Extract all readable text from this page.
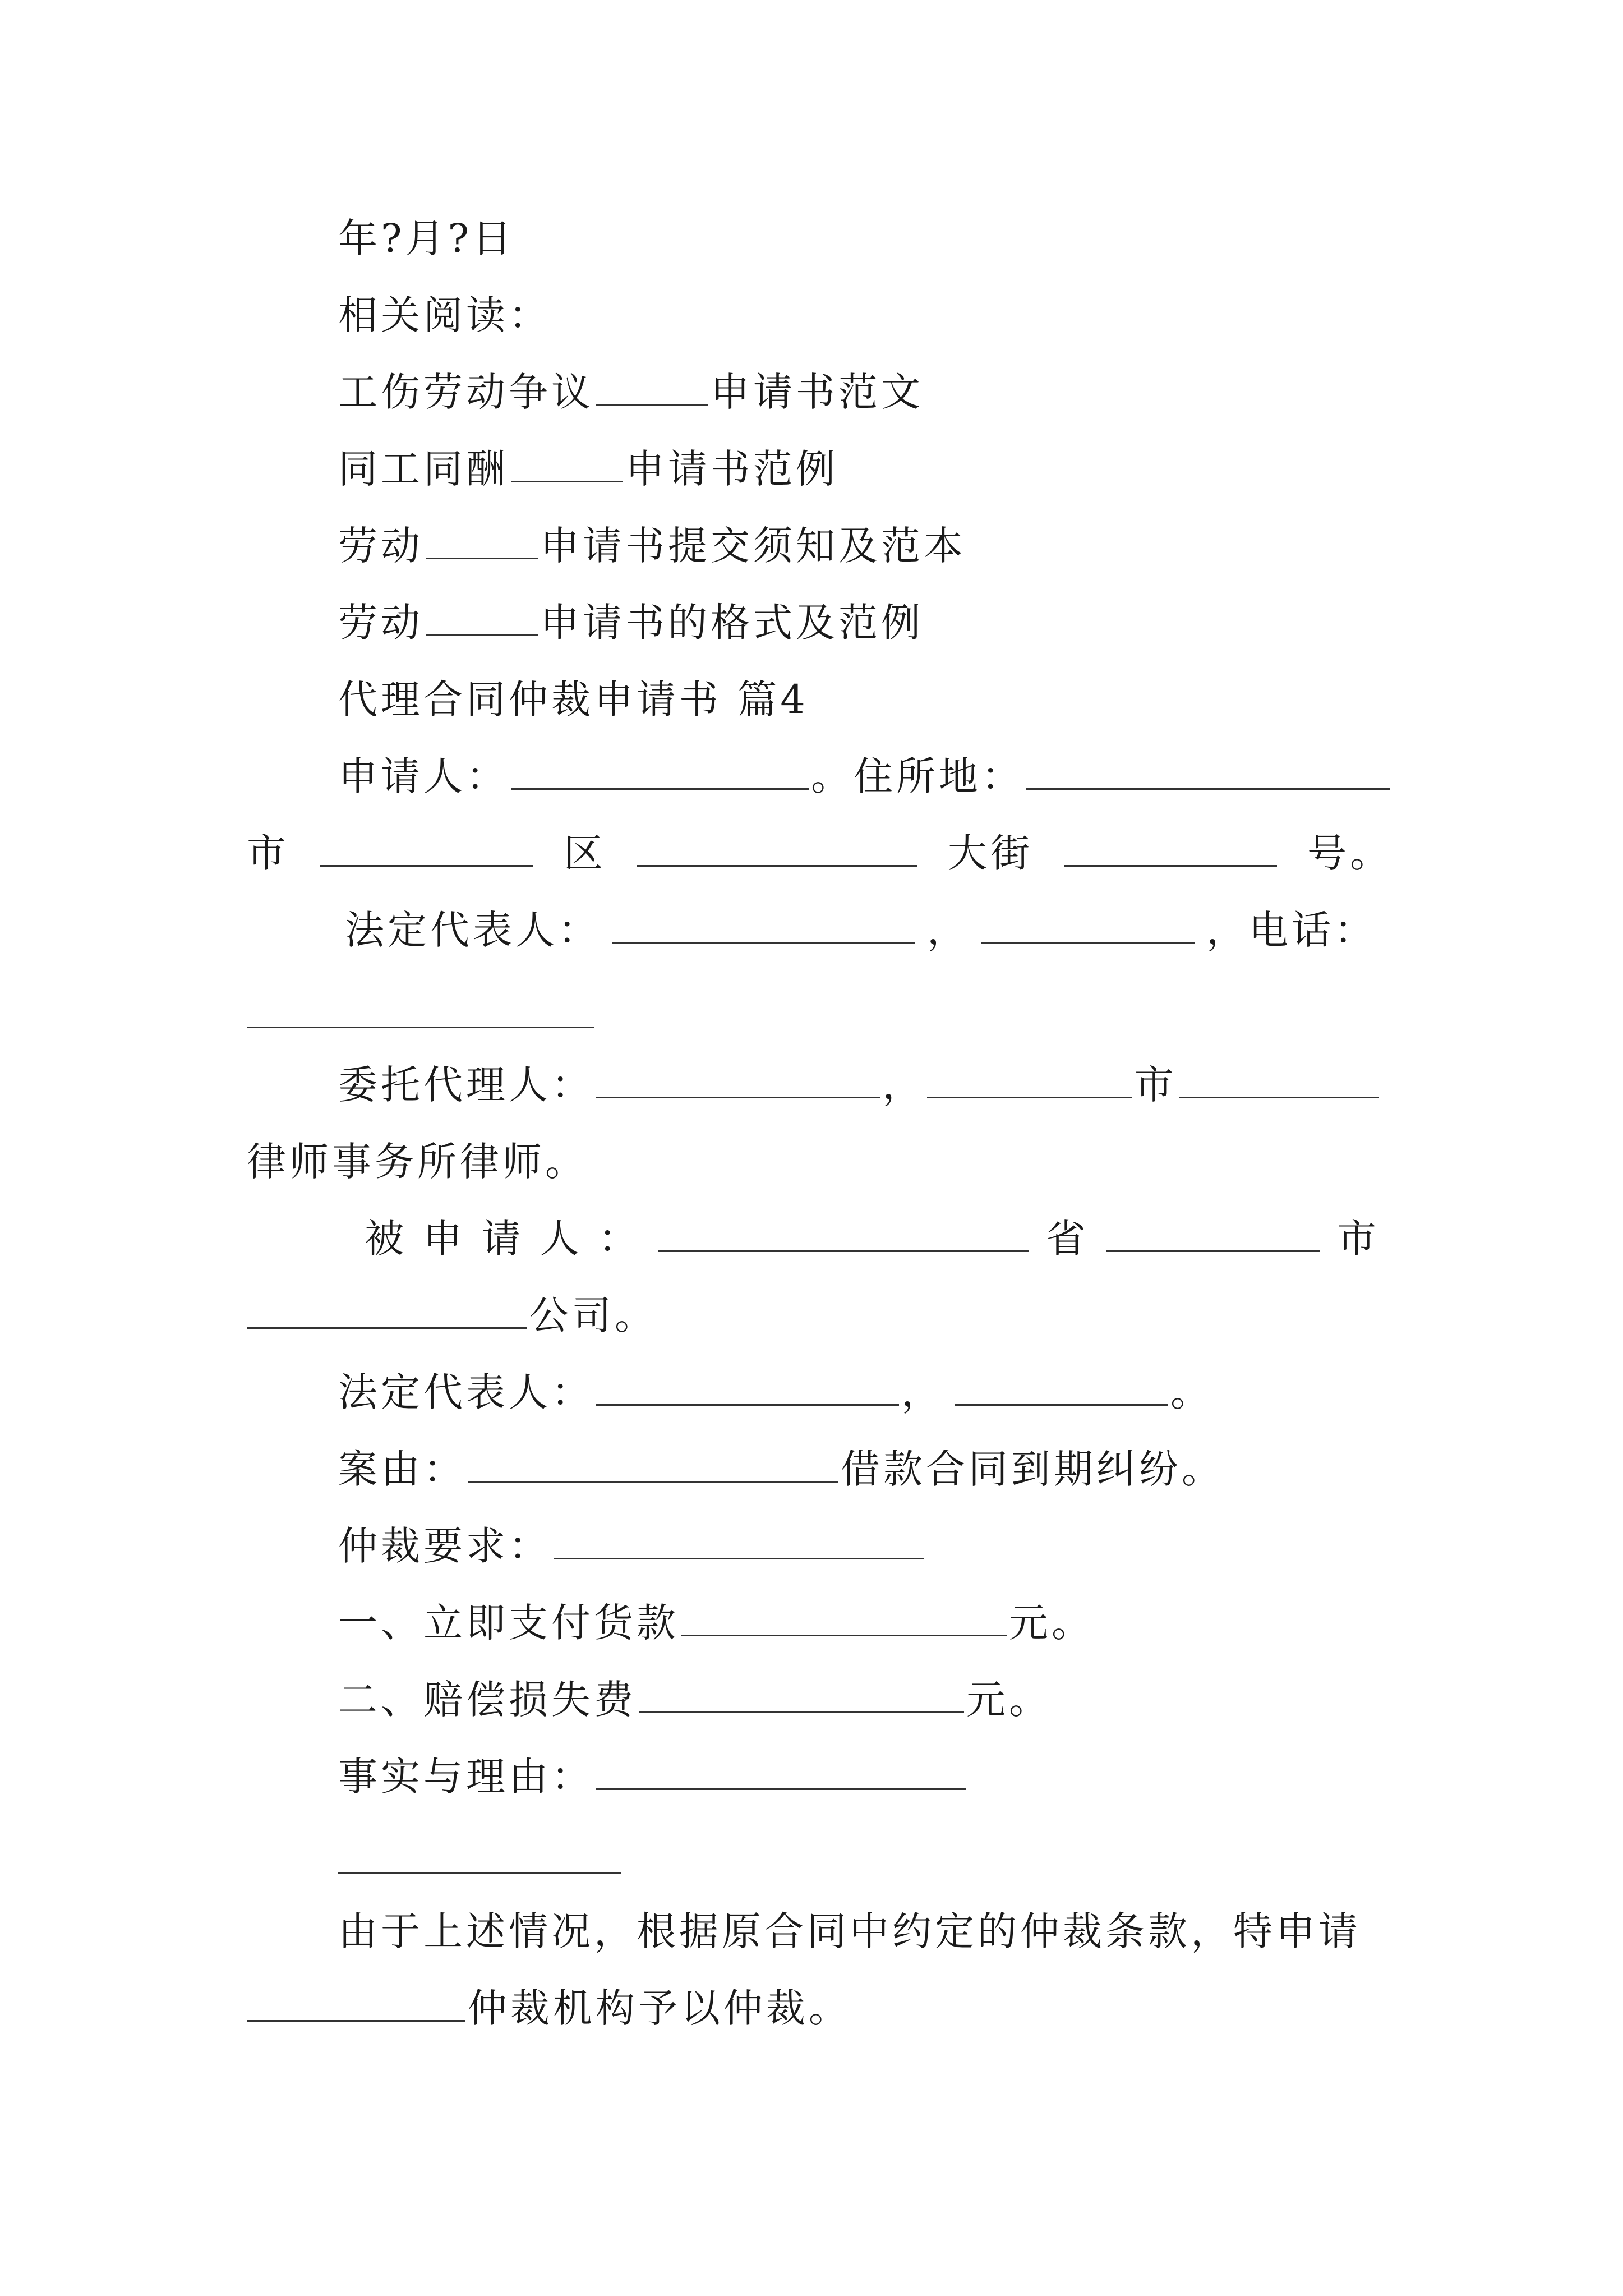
年?月?日
相关阅读：
工伤劳动争议	申请书范文
同工同酬	申请书范例
劳动	申请书提交须知及范本
劳动	申请书的格式及范例
代理合同仲裁申请书 篇4
申请人：	。住所地：
市	区	大街	号。
法定代表人：	，	，电话：
委托代理人：	，	市
律师事务所律师。
被 申 请 人 ：	省	市
公司。
法定代表人：	，	。
案由：	借款合同到期纠纷。
仲裁要求：
一、立即支付货款	元。
二、赔偿损失费	元。
事实与理由：
由于上述情况，根据原合同中约定的仲裁条款，特申请
仲裁机构予以仲裁。
